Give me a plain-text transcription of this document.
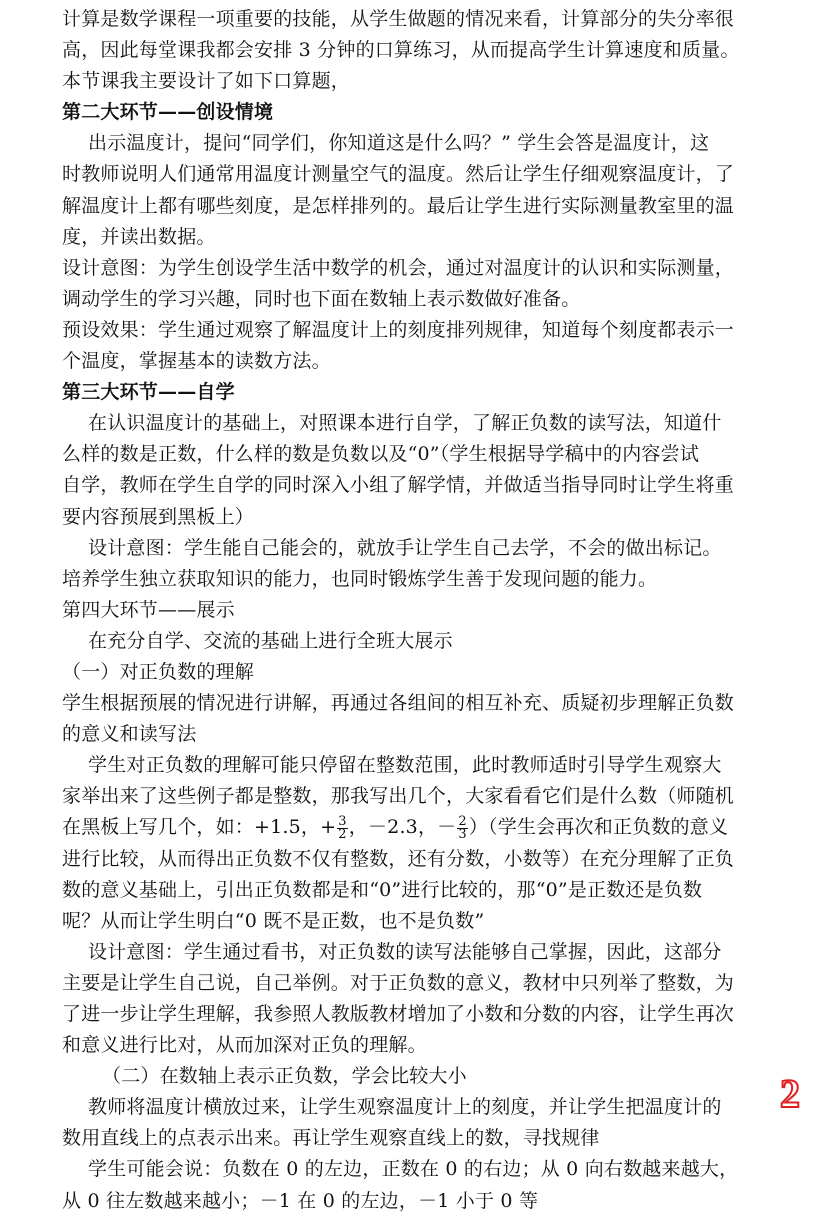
计算是数学课程一项重要的技能，从学生做题的情况来看，计算部分的失分率很
高，因此每堂课我都会安排 3 分钟的口算练习，从而提高学生计算速度和质量。
本节课我主要设计了如下口算题，
第二大环节——创设情境
出示温度计，提问“同学们，你知道这是什么吗？” 学生会答是温度计，这
时教师说明人们通常用温度计测量空气的温度。然后让学生仔细观察温度计，了
解温度计上都有哪些刻度，是怎样排列的。最后让学生进行实际测量教室里的温
度，并读出数据。
设计意图：为学生创设学生活中数学的机会，通过对温度计的认识和实际测量，
调动学生的学习兴趣，同时也下面在数轴上表示数做好准备。
预设效果：学生通过观察了解温度计上的刻度排列规律，知道每个刻度都表示一
个温度，掌握基本的读数方法。
第三大环节——自学
在认识温度计的基础上，对照课本进行自学，了解正负数的读写法，知道什
么样的数是正数，什么样的数是负数以及“0”（学生根据导学稿中的内容尝试
自学，教师在学生自学的同时深入小组了解学情，并做适当指导同时让学生将重
要内容预展到黑板上）
设计意图：学生能自己能会的，就放手让学生自己去学，不会的做出标记。
培养学生独立获取知识的能力，也同时锻炼学生善于发现问题的能力。
第四大环节——展示
在充分自学、交流的基础上进行全班大展示
（一）对正负数的理解
学生根据预展的情况进行讲解，再通过各组间的相互补充、质疑初步理解正负数
的意义和读写法
学生对正负数的理解可能只停留在整数范围，此时教师适时引导学生观察大
家举出来了这些例子都是整数，那我写出几个，大家看看它们是什么数（师随机
在黑板上写几个，如：+1.5，+ $\frac{3}{2}$ ，－2.3，－ $\frac{2}{3}$ ）（学生会再次和正负数的意义
进行比较，从而得出正负数不仅有整数，还有分数，小数等）在充分理解了正负
数的意义基础上，引出正负数都是和“0”进行比较的，那“0”是正数还是负数
呢？从而让学生明白“0 既不是正数，也不是负数”
设计意图：学生通过看书，对正负数的读写法能够自己掌握，因此，这部分
主要是让学生自己说，自己举例。对于正负数的意义，教材中只列举了整数，为
了进一步让学生理解，我参照人教版教材增加了小数和分数的内容，让学生再次
和意义进行比对，从而加深对正负的理解。
（二）在数轴上表示正负数，学会比较大小
教师将温度计横放过来，让学生观察温度计上的刻度，并让学生把温度计的
数用直线上的点表示出来。再让学生观察直线上的数，寻找规律
学生可能会说：负数在 0 的左边，正数在 0 的右边；从 0 向右数越来越大，
从 0 往左数越来越小；－1 在 0 的左边，－1 小于 0 等
2
